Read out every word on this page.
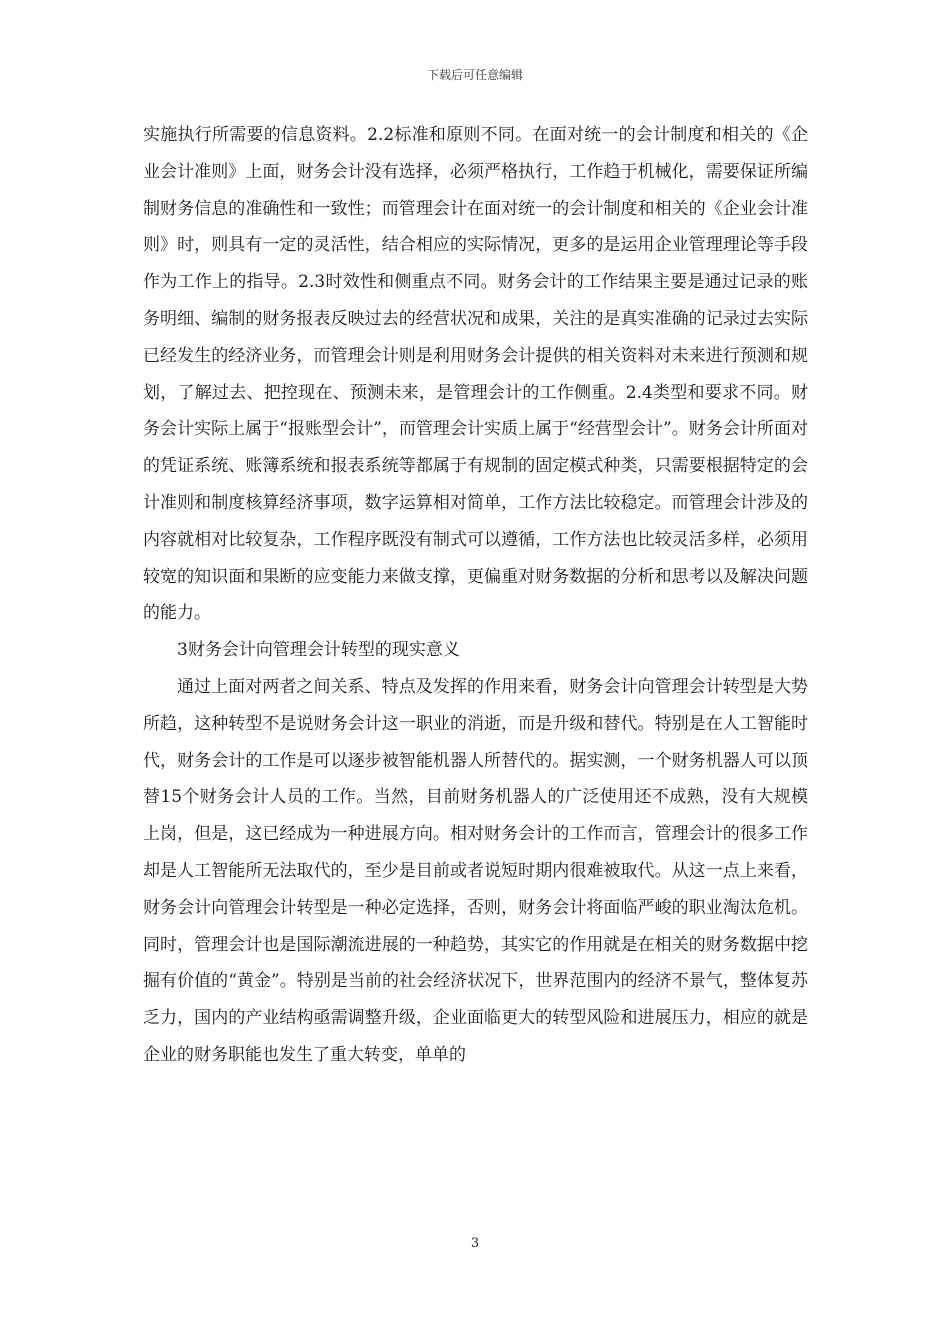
下载后可任意编辑

实施执行所需要的信息资料。2.2标准和原则不同。在面对统一的会计制度和相关的《企业会计准则》上面，财务会计没有选择，必须严格执行，工作趋于机械化，需要保证所编制财务信息的准确性和一致性；而管理会计在面对统一的会计制度和相关的《企业会计准则》时，则具有一定的灵活性，结合相应的实际情况，更多的是运用企业管理理论等手段作为工作上的指导。2.3时效性和侧重点不同。财务会计的工作结果主要是通过记录的账务明细、编制的财务报表反映过去的经营状况和成果，关注的是真实准确的记录过去实际已经发生的经济业务，而管理会计则是利用财务会计提供的相关资料对未来进行预测和规划，了解过去、把控现在、预测未来，是管理会计的工作侧重。2.4类型和要求不同。财务会计实际上属于“报账型会计”，而管理会计实质上属于“经营型会计”。财务会计所面对的凭证系统、账簿系统和报表系统等都属于有规制的固定模式种类，只需要根据特定的会计准则和制度核算经济事项，数字运算相对简单，工作方法比较稳定。而管理会计涉及的内容就相对比较复杂，工作程序既没有制式可以遵循，工作方法也比较灵活多样，必须用较宽的知识面和果断的应变能力来做支撑，更偏重对财务数据的分析和思考以及解决问题的能力。

3财务会计向管理会计转型的现实意义

通过上面对两者之间关系、特点及发挥的作用来看，财务会计向管理会计转型是大势所趋，这种转型不是说财务会计这一职业的消逝，而是升级和替代。特别是在人工智能时代，财务会计的工作是可以逐步被智能机器人所替代的。据实测，一个财务机器人可以顶替15个财务会计人员的工作。当然，目前财务机器人的广泛使用还不成熟，没有大规模上岗，但是，这已经成为一种进展方向。相对财务会计的工作而言，管理会计的很多工作却是人工智能所无法取代的，至少是目前或者说短时期内很难被取代。从这一点上来看，财务会计向管理会计转型是一种必定选择，否则，财务会计将面临严峻的职业淘汰危机。同时，管理会计也是国际潮流进展的一种趋势，其实它的作用就是在相关的财务数据中挖掘有价值的“黄金”。特别是当前的社会经济状况下，世界范围内的经济不景气，整体复苏乏力，国内的产业结构亟需调整升级，企业面临更大的转型风险和进展压力，相应的就是企业的财务职能也发生了重大转变，单单的

3
